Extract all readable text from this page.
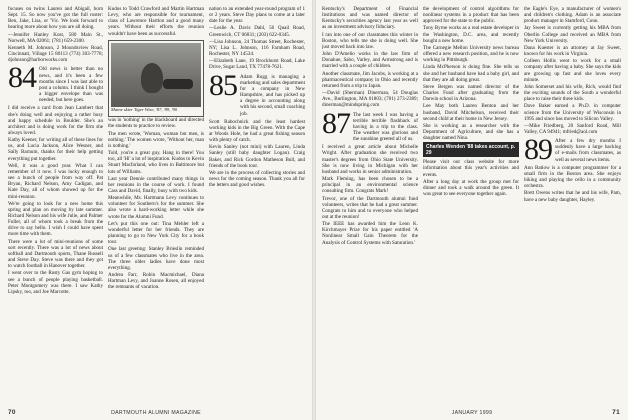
focuses on twins Lauren and Abigail, born Sept. 15. So now you've got the full roster: Ben, Jake, Lisa, or 'Vic. We look forward to hearing more about how you are all doing.

—Jennifer Hanley Kost, 580 Main St., Norwell, MA 02061; (781) 659-2300.

Kenneth M. Johnson, 2 Moundsview Road, Cincinnati, Village 15 80113 (774) 303-7778; djohnson@harborworks.com

84 Old news is better than no news, and it's been a few months since I was last able to post a column. I think I bought a bigger envelope than was needed, but here goes.

I did receive a card from Jean Lambert that she's doing well and enjoying a rather busy and happy schedule in Boulder. She's an architect and is doing work for the firm she always loved.

Kathy Keener, for writing all of these lines for us, and Lucia Jackson, Alice Wesner, and Sally Barnum, thanks for their help getting everything put together.

Well, it was a good year. What I can remember of it now. I was lucky enough to see a bunch of people from way off. Pat Bryan, Richard Nelson, Amy Cadigan, and Kate Day, all of whom showed up for the mini-reunion.

We're going to look for a new home this spring and plan on moving by late summer. Richard Nelson and his wife Julie, and Palmer Fuller, all of whom took a break from the drive to say hello. I wish I could have spent more time with them.

There were a lot of mini-reunions of some sort recently. There was a lot of news about softball and Dartmouth sports, Thane Russell and Steve Day. Steve was there and they got to watch football in Hanover together.

I went over to the Rusty Gas gym hoping to see a bunch of people playing basketball. Peter Montgomery was there. I saw Kathy Lipsky, too, and Joe Marcotte.

Kudos to Todd Crawford and Martin Hartman Levy, who are responsible for tournament, class of Lawrence Hartlon and a good many years. Without their efforts the reunion wouldn't have been as successful.

Maine skier Tiger Wise, '87, '89, '90

was in 'nothing' in the blackboard and directed the students to practice to review.

The men wrote, 'Woman, woman but men, is nothing.' The women wrote, 'Without her, man is nothing.'

Told, you're a great guy. Hang in there! You too, all 'Hi' a lot of inspiration. Kudos to Kevin Stuart Macfarland, who lives in Baltimore but lots of Williams.

Last year Dennie contributed many things in her reunions in the course of work. I found Cass and David, finally, busy with two kids.

Meanwhile, Ms. Hartmann Levy continues to volunteer for Soutbern's for the summer. She also wrote a hard-working letter while she wrote for the Alumni Fund.

Let's put this one out: Tina Mehler left a wonderful letter for her friends. They are planning to go to New York City for a book tour.

One last greeting: Stanley Brieslin reminded us of a few classmates who live in the area. The three older ladies have done most everything.

Andrea Farr, Robin Macmichael, Diana Hartman Levy, and Joanne Rosen, all enjoyed the remnants of vacation.

nation to an extended year-round program of 1 or 2 years. Steve Day plans to come at a later date for the year.

—Leslie A. Davis Dahl, 56 Quail Road, Greenwich, CT 06831; (203) 622-0345.

—Lisa Johnson, 24 Thomas Street, Rochester, NY; Lisa L. Johnson, 116 Farnham Road, Rochester, NY 14534.

—Elizabeth Lane, 19 Brockhurst Road, Lake Drive, Sugar Land, TX 77478-7621.

85 Adam Rugg is managing a marketing and sales department for a company in New Hampshire, and has picked up a degree in accounting along with his second, small coaching job.

Scott Rabochnick and the least hardest working kids in the Big Green. With the Cape at Woods Hole, he had a great fishing season with plenty of catch.

Kevin Sanley (not mini) with Lauren, Linda Sanley (still baby daughter Logan). Craig Baker, and Rick Gordon Matheson Bull, and friends of the book tour.

We are in the process of collecting stories and news for the coming season. Thank you all for the letters and good wishes.

70	DARTMOUTH ALUMNI MAGAZINE

Kentucky's Department of Financial Institutions and was named director of Kentucky's securities agency last year as well as an investment advisory fiduciary.

I ran into one of our classmates this winter in Boston, who tells me she is doing well. She just moved back into law.

John D'Amelio works in the law firm of Donahue, Sabo, Varley, and Armstrong and is married with a couple of children.

Another classmate, Jim Jacobs, is working at a pharmaceutical company in Ohio and recently returned from a trip to Japan.

—David (Sherman) Dinerman, 54 Douglas Ave., Burlington, MA 01803; (781) 273-2389; dinerman@mindspring.com

87 The last week I was having a terrible terrible flashback of having in a trip to the class. The weather was glorious and the sunshine greeted all of us.

I received a great article about Michelle Wright. After graduation she received two master's degrees from Ohio State University. She is now living in Michigan with her husband and works in senior administration.

Mark Fleming, has been chosen to be a principal in an environmental science consulting firm. Congrats Mark!

Trevor, one of the Dartmouth alumni fund volunteers, writes that he had a great summer. Congrats to him and to everyone who helped out at the reunion!

The IEEE has awarded him the Leon K. Kirchmayer Prize for his paper entitled 'A Nonlinear Small Gain Theorem for the Analysis of Control Systems with Saturation.'

the development of control algorithms for nonlinear systems in a product that has been approved for the state to the public.

Tony Byrne works as a real estate developer in the Washington, D.C. area, and recently bought a new home.

The Carnegie Mellon University news bureau offered a new research position, and he is now working in Pittsburgh.

Linda McPherson is doing fine. She tells us she and her husband have had a baby girl, and that they are all doing great.

Steve Bergen was named director of the Charles Fund after graduating from the Darwin school in Arizona.

Lee May both Lauren Benton and her husband, David Mitchelson, received their second child at their home in New Jersey.

She is working as a researcher with the Department of Agriculture, and she has a daughter named Nina.

Charles Wenden '88 takes account, p. 29

Please visit our class website for more information about this year's activities and events.

After a long day at work the group met for dinner and took a walk around the green. It was great to see everyone together again.

the Eagle's Eye, a manufacturer of women's and children's clothing. Adam is an associate product manager in Stamford, Conn.

Jay Sweet is currently getting his MBA from Oberlin College and received an MBA from New York University.

Dana Kuester is an attorney at Jay Sweet, known for his work in Virginia.

Colleen Hollis went to work for a small company after having a baby. She says the kids are growing up fast and she loves every minute.

John Somerset and his wife, Rich, would find the exciting sounds of the South a wonderful place to raise their three kids.

Dave Baker earned a Ph.D. in computer science from the University of Wisconsin in 1995 and since has moved to Silicon Valley.

—Mike Friedberg, 20 Sanford Road, Mill Valley, CA 94941; mfried@aol.com

89 After a few dry months I suddenly have a large backlog of e-mails from classmates, as well as several news items.

Ann Batlow is a computer programmer for a small firm in the Boston area. She enjoys biking and playing the cello in a community orchestra.

Brett Owens writes that he and his wife, Pam, have a new baby daughter, Hayley.

JANUARY 1999	71
